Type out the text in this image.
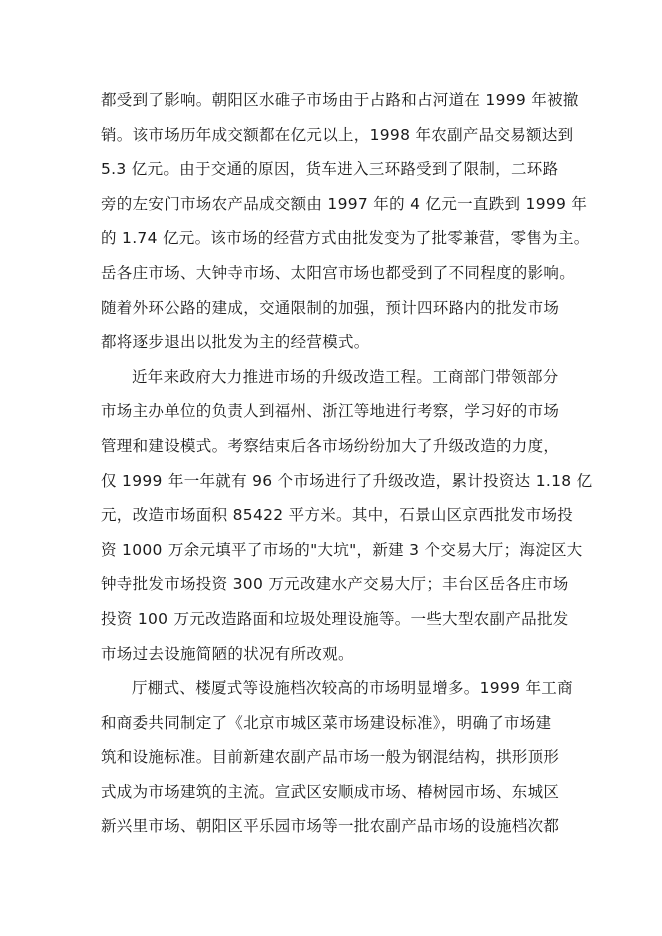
都受到了影响。朝阳区水碓子市场由于占路和占河道在 1999 年被撤
销。该市场历年成交额都在亿元以上，1998 年农副产品交易额达到
5.3 亿元。由于交通的原因，货车进入三环路受到了限制，二环路
旁的左安门市场农产品成交额由 1997 年的 4 亿元一直跌到 1999 年
的 1.74 亿元。该市场的经营方式由批发变为了批零兼营，零售为主。
岳各庄市场、大钟寺市场、太阳宫市场也都受到了不同程度的影响。
随着外环公路的建成，交通限制的加强，预计四环路内的批发市场
都将逐步退出以批发为主的经营模式。
近年来政府大力推进市场的升级改造工程。工商部门带领部分
市场主办单位的负责人到福州、浙江等地进行考察，学习好的市场
管理和建设模式。考察结束后各市场纷纷加大了升级改造的力度，
仅 1999 年一年就有 96 个市场进行了升级改造，累计投资达 1.18 亿
元，改造市场面积 85422 平方米。其中，石景山区京西批发市场投
资 1000 万余元填平了市场的"大坑"，新建 3 个交易大厅；海淀区大
钟寺批发市场投资 300 万元改建水产交易大厅；丰台区岳各庄市场
投资 100 万元改造路面和垃圾处理设施等。一些大型农副产品批发
市场过去设施简陋的状况有所改观。
厅棚式、楼厦式等设施档次较高的市场明显增多。1999 年工商
和商委共同制定了《北京市城区菜市场建设标准》，明确了市场建
筑和设施标准。目前新建农副产品市场一般为钢混结构，拱形顶形
式成为市场建筑的主流。宣武区安顺成市场、椿树园市场、东城区
新兴里市场、朝阳区平乐园市场等一批农副产品市场的设施档次都
